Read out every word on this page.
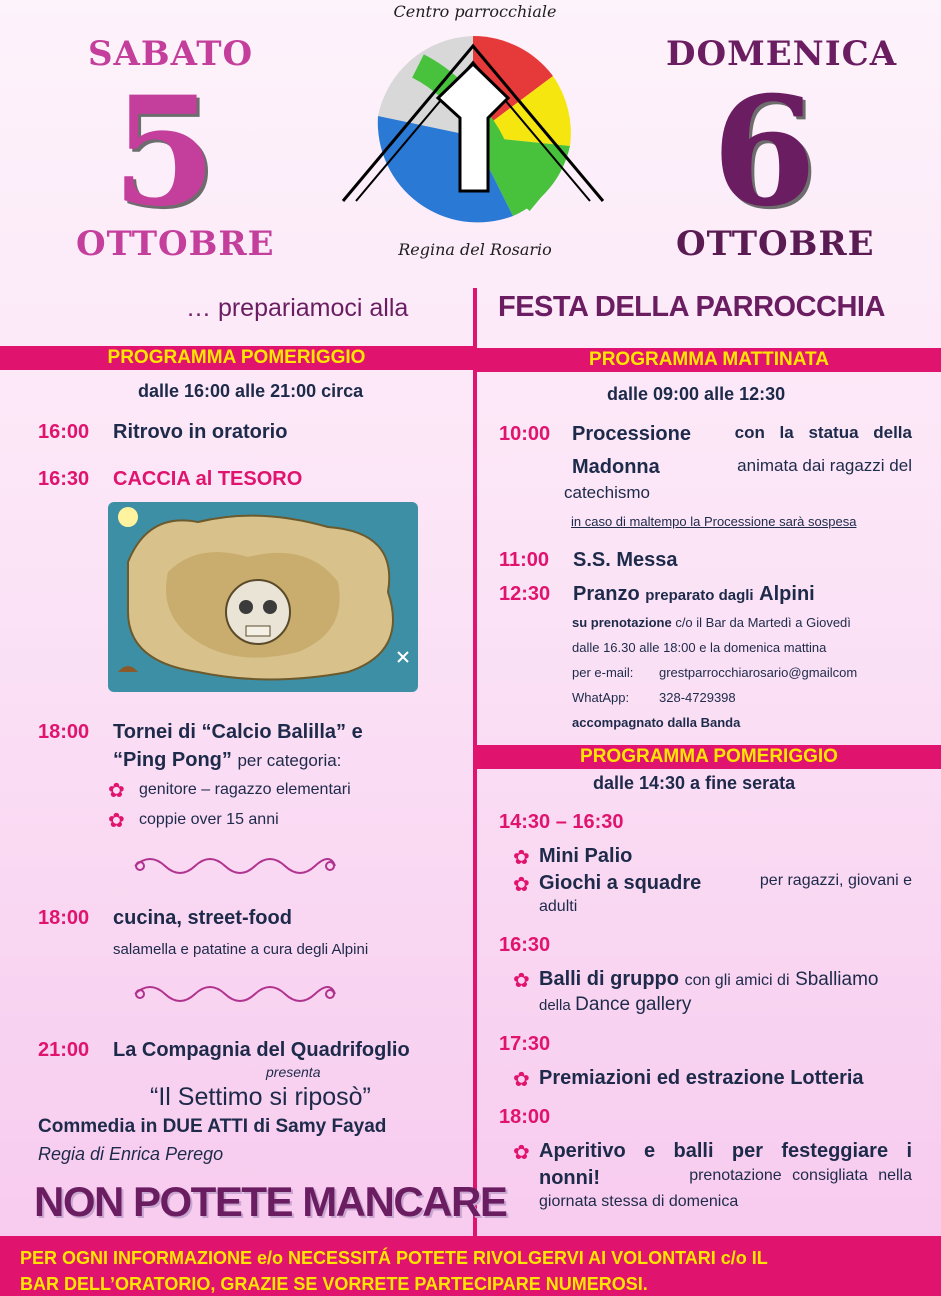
SABATO
5
OTTOBRE
DOMENICA
6
OTTOBRE
Centro parrocchiale
Regina del Rosario
… prepariamoci alla	FESTA DELLA PARROCCHIA
PROGRAMMA POMERIGGIO
dalle 16:00 alle 21:00 circa
16:00 Ritrovo in oratorio
16:30 CACCIA al TESORO
18:00 Tornei di “Calcio Balilla” e
“Ping Pong” per categoria:
✿ genitore – ragazzo elementari
✿ coppie over 15 anni
18:00 cucina, street-food
salamella e patatine a cura degli Alpini
21:00 La Compagnia del Quadrifoglio
presenta
“Il Settimo si riposò”
Commedia in DUE ATTI di Samy Fayad
Regia di Enrica Perego
NON POTETE MANCARE
PROGRAMMA MATTINATA
dalle 09:00 alle 12:30
10:00 Processione	con la statua della
Madonna	animata dai ragazzi del
catechismo
in caso di maltempo la Processione sarà sospesa
11:00 S.S. Messa
12:30 Pranzo preparato dagli Alpini
su prenotazione c/o il Bar da Martedì a Giovedì
dalle 16.30 alle 18:00 e la domenica mattina
per e-mail: grestparrocchiarosario@gmailcom
WhatApp: 328-4729398
accompagnato dalla Banda
PROGRAMMA POMERIGGIO
dalle 14:30 a fine serata
14:30 – 16:30
✿ Mini Palio
✿ Giochi a squadre	per ragazzi, giovani e
adulti
16:30
✿ Balli di gruppo con gli amici di Sballiamo
della Dance gallery
17:30
✿ Premiazioni ed estrazione Lotteria
18:00
✿ Aperitivo e balli per festeggiare i
nonni!	prenotazione consigliata nella
giornata stessa di domenica
PER OGNI INFORMAZIONE e/o NECESSITÁ POTETE RIVOLGERVI AI VOLONTARI c/o IL
BAR DELL’ORATORIO, GRAZIE SE VORRETE PARTECIPARE NUMEROSI.
